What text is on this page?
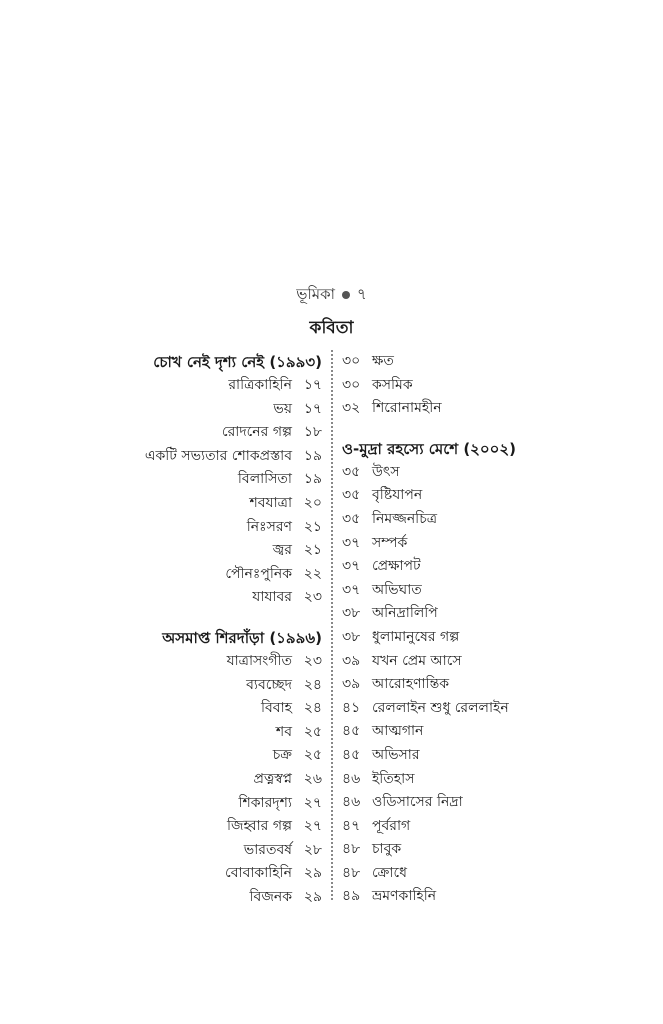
ভূমিকা ৭
কবিতা
চোখ নেই দৃশ্য নেই (১৯৯৩)
রাত্রিকাহিনি ১৭
ভয় ১৭
রোদনের গল্প ১৮
একটি সভ্যতার শোকপ্রস্তাব ১৯
বিলাসিতা ১৯
শবযাত্রা ২০
নিঃসরণ ২১
জ্বর ২১
পৌনঃপুনিক ২২
যাযাবর ২৩
অসমাপ্ত শিরদাঁড়া (১৯৯৬)
যাত্রাসংগীত ২৩
ব্যবচ্ছেদ ২৪
বিবাহ ২৪
শব ২৫
চক্র ২৫
প্রত্নস্বপ্ন ২৬
শিকারদৃশ্য ২৭
জিহ্বার গল্প ২৭
ভারতবর্ষ ২৮
বোবাকাহিনি ২৯
বিজনক ২৯
৩০ ক্ষত
৩০ কসমিক
৩২ শিরোনামহীন
ও-মুদ্রা রহস্যে মেশে (২০০২)
৩৫ উৎস
৩৫ বৃষ্টিযাপন
৩৫ নিমজ্জনচিত্র
৩৭ সম্পর্ক
৩৭ প্রেক্ষাপট
৩৭ অভিঘাত
৩৮ অনিদ্রালিপি
৩৮ ধুলামানুষের গল্প
৩৯ যখন প্রেম আসে
৩৯ আরোহণান্তিক
৪১ রেললাইন শুধু রেললাইন
৪৫ আত্মগান
৪৫ অভিসার
৪৬ ইতিহাস
৪৬ ওডিসাসের নিদ্রা
৪৭ পূর্বরাগ
৪৮ চাবুক
৪৮ ক্রোধে
৪৯ ভ্রমণকাহিনি
